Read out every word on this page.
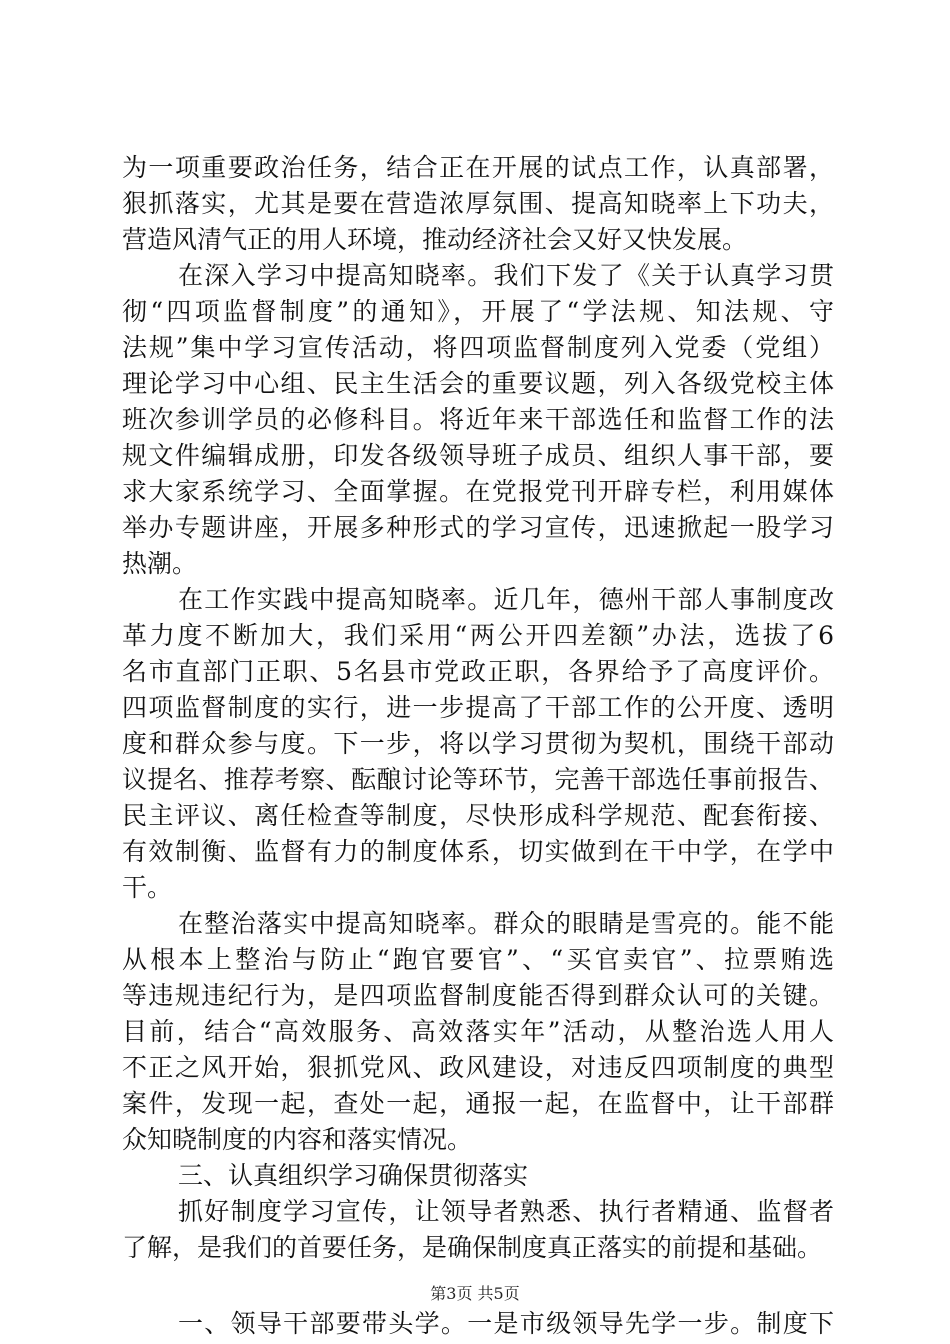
为一项重要政治任务，结合正在开展的试点工作，认真部署，
狠抓落实，尤其是要在营造浓厚氛围、提高知晓率上下功夫，
营造风清气正的用人环境，推动经济社会又好又快发展。
在深入学习中提高知晓率。我们下发了《关于认真学习贯
彻“四项监督制度”的通知》，开展了“学法规、知法规、守
法规”集中学习宣传活动，将四项监督制度列入党委（党组）
理论学习中心组、民主生活会的重要议题，列入各级党校主体
班次参训学员的必修科目。将近年来干部选任和监督工作的法
规文件编辑成册，印发各级领导班子成员、组织人事干部，要
求大家系统学习、全面掌握。在党报党刊开辟专栏，利用媒体
举办专题讲座，开展多种形式的学习宣传，迅速掀起一股学习
热潮。
在工作实践中提高知晓率。近几年，德州干部人事制度改
革力度不断加大，我们采用“两公开四差额”办法，选拔了6
名市直部门正职、5名县市党政正职，各界给予了高度评价。
四项监督制度的实行，进一步提高了干部工作的公开度、透明
度和群众参与度。下一步，将以学习贯彻为契机，围绕干部动
议提名、推荐考察、酝酿讨论等环节，完善干部选任事前报告、
民主评议、离任检查等制度，尽快形成科学规范、配套衔接、
有效制衡、监督有力的制度体系，切实做到在干中学，在学中
干。
在整治落实中提高知晓率。群众的眼睛是雪亮的。能不能
从根本上整治与防止“跑官要官”、“买官卖官”、拉票贿选
等违规违纪行为，是四项监督制度能否得到群众认可的关键。
目前，结合“高效服务、高效落实年”活动，从整治选人用人
不正之风开始，狠抓党风、政风建设，对违反四项制度的典型
案件，发现一起，查处一起，通报一起，在监督中，让干部群
众知晓制度的内容和落实情况。
三、认真组织学习确保贯彻落实
抓好制度学习宣传，让领导者熟悉、执行者精通、监督者
了解，是我们的首要任务，是确保制度真正落实的前提和基础。
一、领导干部要带头学。一是市级领导先学一步。制度下
第3页 共5页
